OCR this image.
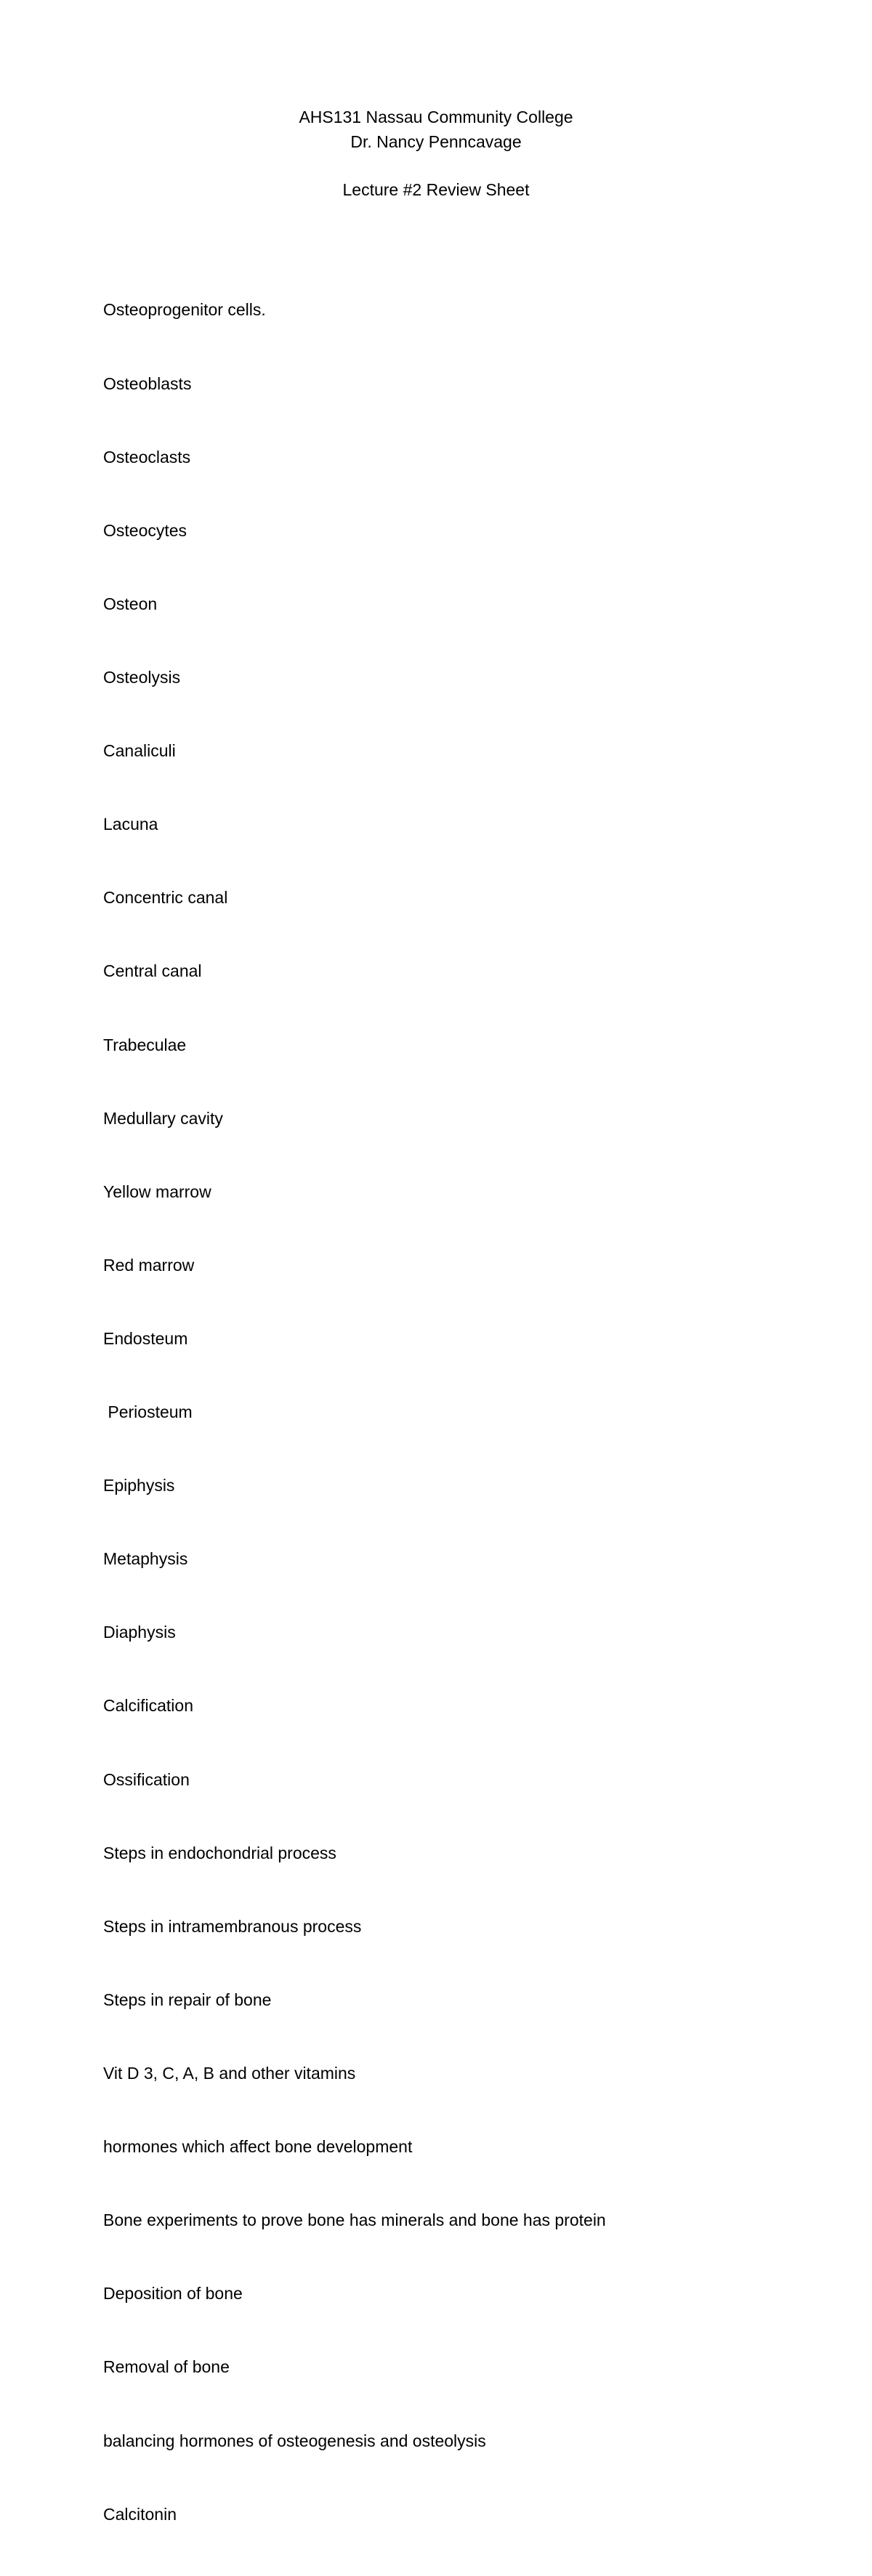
AHS131 Nassau Community College
Dr. Nancy Penncavage
Lecture #2 Review Sheet

Osteoprogenitor cells.

Osteoblasts

Osteoclasts

Osteocytes

Osteon

Osteolysis

Canaliculi

Lacuna

Concentric canal

Central canal

Trabeculae

Medullary cavity

Yellow marrow

Red marrow

Endosteum

Periosteum

Epiphysis

Metaphysis

Diaphysis

Calcification

Ossification

Steps in endochondrial process

Steps in intramembranous process

Steps in repair of bone

Vit D 3, C, A, B and other vitamins

hormones which affect bone development

Bone experiments to prove bone has minerals and bone has protein

Deposition of bone

Removal of bone

balancing hormones of osteogenesis and osteolysis

Calcitonin
